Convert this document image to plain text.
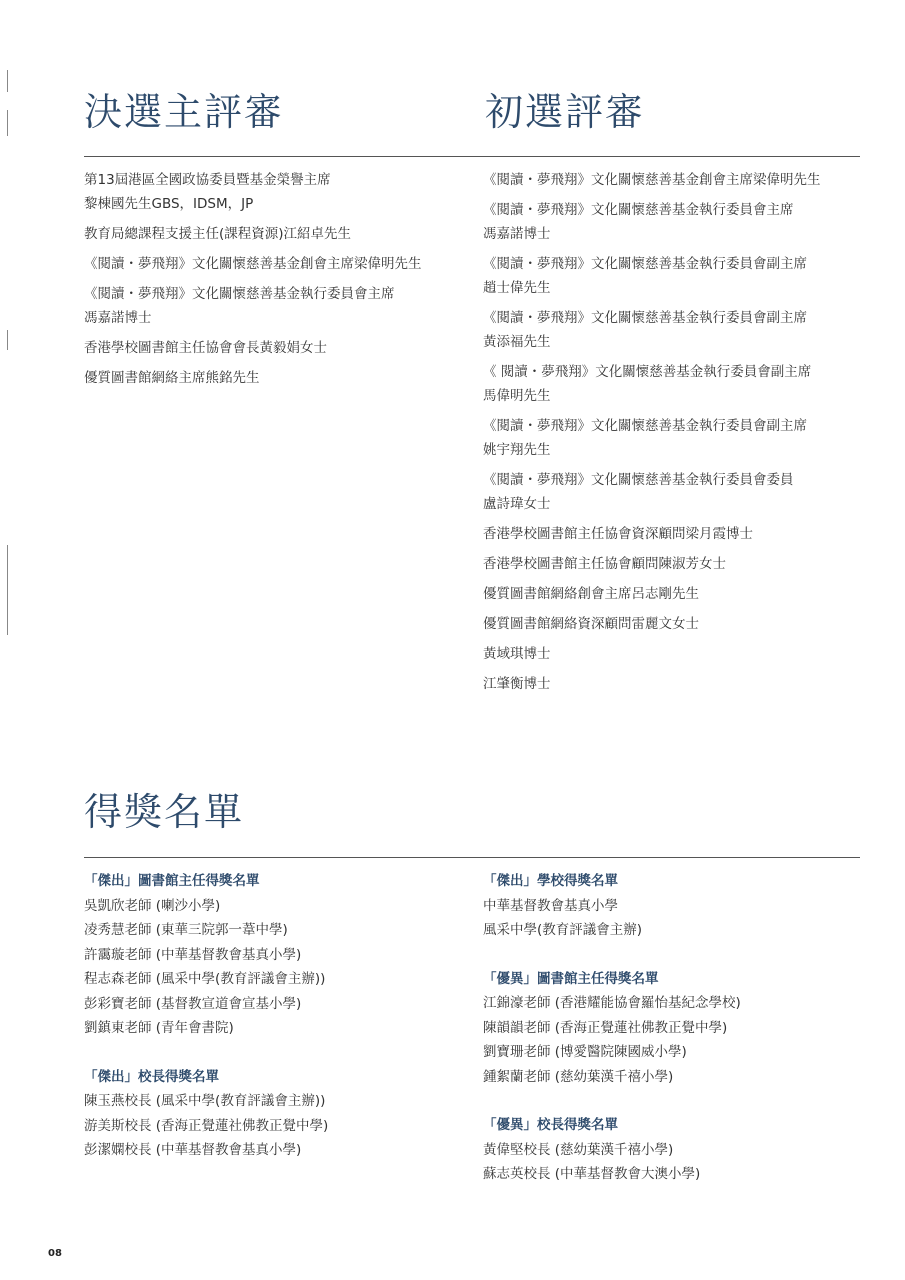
決選主評審	初選評審
第13屆港區全國政協委員暨基金榮譽主席
黎棟國先生GBS，IDSM，JP
教育局總課程支援主任(課程資源)江紹卓先生
《閱讀・夢飛翔》文化關懷慈善基金創會主席梁偉明先生
《閱讀・夢飛翔》文化關懷慈善基金執行委員會主席
馮嘉諾博士
香港學校圖書館主任協會會長黃毅娟女士
優質圖書館網絡主席熊銘先生
《閱讀・夢飛翔》文化關懷慈善基金創會主席梁偉明先生
《閱讀・夢飛翔》文化關懷慈善基金執行委員會主席
馮嘉諾博士
《閱讀・夢飛翔》文化關懷慈善基金執行委員會副主席
趙士偉先生
《閱讀・夢飛翔》文化關懷慈善基金執行委員會副主席
黃添福先生
《 閱讀・夢飛翔》文化關懷慈善基金執行委員會副主席
馬偉明先生
《閱讀・夢飛翔》文化關懷慈善基金執行委員會副主席
姚宇翔先生
《閱讀・夢飛翔》文化關懷慈善基金執行委員會委員
盧詩瑋女士
香港學校圖書館主任協會資深顧問梁月霞博士
香港學校圖書館主任協會顧問陳淑芳女士
優質圖書館網絡創會主席呂志剛先生
優質圖書館網絡資深顧問雷麗文女士
黃域琪博士
江肇衡博士
得獎名單
「傑出」圖書館主任得獎名單
吳凱欣老師 (喇沙小學)
凌秀慧老師 (東華三院郭一葦中學)
許靄璇老師 (中華基督教會基真小學)
程志森老師 (風采中學(教育評議會主辦))
彭彩寶老師 (基督教宣道會宣基小學)
劉鎮東老師 (青年會書院)
「傑出」校長得獎名單
陳玉燕校長 (風采中學(教育評議會主辦))
游美斯校長 (香海正覺蓮社佛教正覺中學)
彭潔嫻校長 (中華基督教會基真小學)
「傑出」學校得獎名單
中華基督教會基真小學
風采中學(教育評議會主辦)
「優異」圖書館主任得獎名單
江錦濠老師 (香港耀能協會羅怡基紀念學校)
陳韻韻老師 (香海正覺蓮社佛教正覺中學)
劉寶珊老師 (博愛醫院陳國威小學)
鍾絮蘭老師 (慈幼葉漢千禧小學)
「優異」校長得獎名單
黃偉堅校長 (慈幼葉漢千禧小學)
蘇志英校長 (中華基督教會大澳小學)
08
